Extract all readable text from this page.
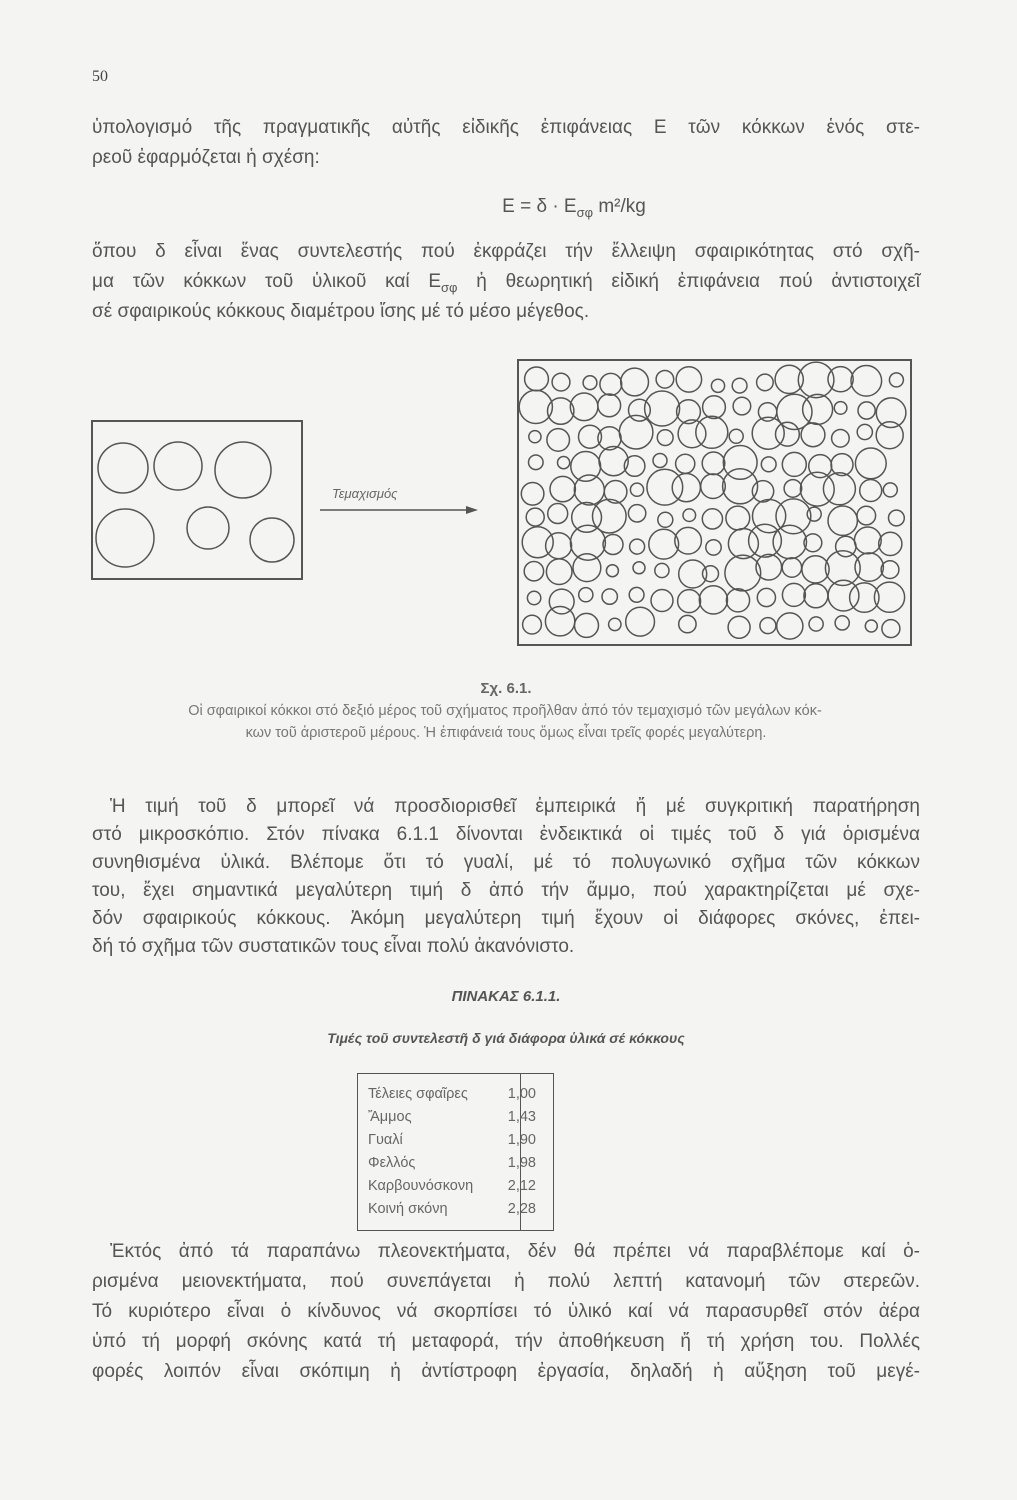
50
ὑπολογισμό τῆς πραγματικῆς αὐτῆς εἰδικῆς ἐπιφάνειας Ε τῶν κόκκων ἑνός στε-
ρεοῦ ἐφαρμόζεται ἡ σχέση:
$E = \delta \cdot E_{\sigma\varphi}$ m²/kg
ὅπου δ εἶναι ἕνας συντελεστής πού ἐκφράζει τήν ἔλλειψη σφαιρικότητας στό σχῆ-
μα τῶν κόκκων τοῦ ὑλικοῦ καί $E_{\sigma\varphi}$ ἡ θεωρητική εἰδική ἐπιφάνεια πού ἀντιστοιχεῖ
σέ σφαιρικούς κόκκους διαμέτρου ἴσης μέ τό μέσο μέγεθος.
Τεμαχισμός
Σχ. 6.1.
Οἱ σφαιρικοί κόκκοι στό δεξιό μέρος τοῦ σχήματος προῆλθαν ἀπό τόν τεμαχισμό τῶν μεγάλων κόκ-
κων τοῦ ἀριστεροῦ μέρους. Ἡ ἐπιφάνειά τους ὅμως εἶναι τρεῖς φορές μεγαλύτερη.
Ἡ τιμή τοῦ δ μπορεῖ νά προσδιορισθεῖ ἐμπειρικά ἤ μέ συγκριτική παρατήρηση
στό μικροσκόπιο. Στόν πίνακα 6.1.1 δίνονται ἐνδεικτικά οἱ τιμές τοῦ δ γιά ὁρισμένα
συνηθισμένα ὑλικά. Βλέπομε ὅτι τό γυαλί, μέ τό πολυγωνικό σχῆμα τῶν κόκκων
του, ἔχει σημαντικά μεγαλύτερη τιμή δ ἀπό τήν ἄμμο, πού χαρακτηρίζεται μέ σχε-
δόν σφαιρικούς κόκκους. Ἀκόμη μεγαλύτερη τιμή ἔχουν οἱ διάφορες σκόνες, ἐπει-
δή τό σχῆμα τῶν συστατικῶν τους εἶναι πολύ ἀκανόνιστο.
ΠΙΝΑΚΑΣ 6.1.1.
Τιμές τοῦ συντελεστῆ δ γιά διάφορα ὑλικά σέ κόκκους
Τέλειες σφαῖρες	1,00
Ἄμμος	1,43
Γυαλί	1,90
Φελλός	1,98
Καρβουνόσκονη 2,12
Κοινή σκόνη	2,28
Ἐκτός ἀπό τά παραπάνω πλεονεκτήματα, δέν θά πρέπει νά παραβλέπομε καί ὁ-
ρισμένα μειονεκτήματα, πού συνεπάγεται ἡ πολύ λεπτή κατανομή τῶν στερεῶν.
Τό κυριότερο εἶναι ὁ κίνδυνος νά σκορπίσει τό ὑλικό καί νά παρασυρθεῖ στόν ἀέρα
ὑπό τή μορφή σκόνης κατά τή μεταφορά, τήν ἀποθήκευση ἤ τή χρήση του. Πολλές
φορές λοιπόν εἶναι σκόπιμη ἡ ἀντίστροφη ἐργασία, δηλαδή ἡ αὔξηση τοῦ μεγέ-
